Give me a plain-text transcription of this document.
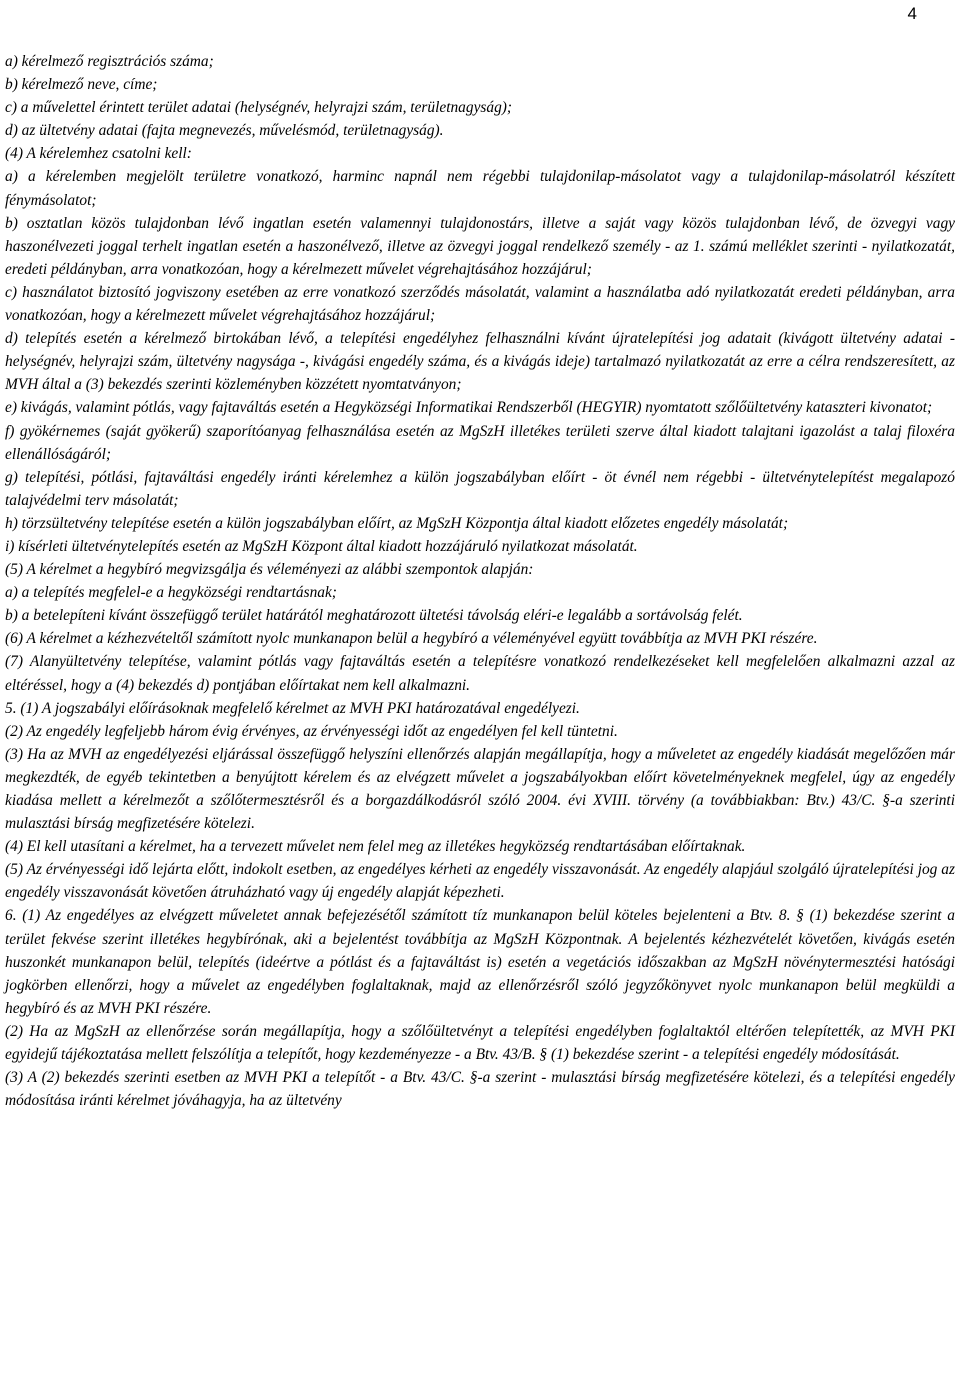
4

a) kérelmező regisztrációs száma;

b) kérelmező neve, címe;

c) a művelettel érintett terület adatai (helységnév, helyrajzi szám, területnagyság);

d) az ültetvény adatai (fajta megnevezés, művelésmód, területnagyság).

(4) A kérelemhez csatolni kell:

a) a kérelemben megjelölt területre vonatkozó, harminc napnál nem régebbi tulajdonilap-másolatot vagy a tulajdonilap-másolatról készített fénymásolatot;

b) osztatlan közös tulajdonban lévő ingatlan esetén valamennyi tulajdonostárs, illetve a saját vagy közös tulajdonban lévő, de özvegyi vagy haszonélvezeti joggal terhelt ingatlan esetén a haszonélvező, illetve az özvegyi joggal rendelkező személy - az 1. számú melléklet szerinti - nyilatkozatát, eredeti példányban, arra vonatkozóan, hogy a kérelmezett művelet végrehajtásához hozzájárul;

c) használatot biztosító jogviszony esetében az erre vonatkozó szerződés másolatát, valamint a használatba adó nyilatkozatát eredeti példányban, arra vonatkozóan, hogy a kérelmezett művelet végrehajtásához hozzájárul;

d) telepítés esetén a kérelmező birtokában lévő, a telepítési engedélyhez felhasználni kívánt újratelepítési jog adatait (kivágott ültetvény adatai - helységnév, helyrajzi szám, ültetvény nagysága -, kivágási engedély száma, és a kivágás ideje) tartalmazó nyilatkozatát az erre a célra rendszeresített, az MVH által a (3) bekezdés szerinti közleményben közzétett nyomtatványon;

e) kivágás, valamint pótlás, vagy fajtaváltás esetén a Hegyközségi Informatikai Rendszerből (HEGYIR) nyomtatott szőlőültetvény kataszteri kivonatot;

f) gyökérnemes (saját gyökerű) szaporítóanyag felhasználása esetén az MgSzH illetékes területi szerve által kiadott talajtani igazolást a talaj filoxéra ellenállóságáról;

g) telepítési, pótlási, fajtaváltási engedély iránti kérelemhez a külön jogszabályban előírt - öt évnél nem régebbi - ültetvénytelepítést megalapozó talajvédelmi terv másolatát;

h) törzsültetvény telepítése esetén a külön jogszabályban előírt, az MgSzH Központja által kiadott előzetes engedély másolatát;

i) kísérleti ültetvénytelepítés esetén az MgSzH Központ által kiadott hozzájáruló nyilatkozat másolatát.

(5) A kérelmet a hegybíró megvizsgálja és véleményezi az alábbi szempontok alapján:

a) a telepítés megfelel-e a hegyközségi rendtartásnak;

b) a betelepíteni kívánt összefüggő terület határától meghatározott ültetési távolság eléri-e legalább a sortávolság felét.

(6) A kérelmet a kézhezvételtől számított nyolc munkanapon belül a hegybíró a véleményével együtt továbbítja az MVH PKI részére.

(7) Alanyültetvény telepítése, valamint pótlás vagy fajtaváltás esetén a telepítésre vonatkozó rendelkezéseket kell megfelelően alkalmazni azzal az eltéréssel, hogy a (4) bekezdés d) pontjában előírtakat nem kell alkalmazni.

5. (1) A jogszabályi előírásoknak megfelelő kérelmet az MVH PKI határozatával engedélyezi.

(2) Az engedély legfeljebb három évig érvényes, az érvényességi időt az engedélyen fel kell tüntetni.

(3) Ha az MVH az engedélyezési eljárással összefüggő helyszíni ellenőrzés alapján megállapítja, hogy a műveletet az engedély kiadását megelőzően már megkezdték, de egyéb tekintetben a benyújtott kérelem és az elvégzett művelet a jogszabályokban előírt követelményeknek megfelel, úgy az engedély kiadása mellett a kérelmezőt a szőlőtermesztésről és a borgazdálkodásról szóló 2004. évi XVIII. törvény (a továbbiakban: Btv.) 43/C. §-a szerinti mulasztási bírság megfizetésére kötelezi.

(4) El kell utasítani a kérelmet, ha a tervezett művelet nem felel meg az illetékes hegyközség rendtartásában előírtaknak.

(5) Az érvényességi idő lejárta előtt, indokolt esetben, az engedélyes kérheti az engedély visszavonását. Az engedély alapjául szolgáló újratelepítési jog az engedély visszavonását követően átruházható vagy új engedély alapját képezheti.

6. (1) Az engedélyes az elvégzett műveletet annak befejezésétől számított tíz munkanapon belül köteles bejelenteni a Btv. 8. § (1) bekezdése szerint a terület fekvése szerint illetékes hegybírónak, aki a bejelentést továbbítja az MgSzH Központnak. A bejelentés kézhezvételét követően, kivágás esetén huszonkét munkanapon belül, telepítés (ideértve a pótlást és a fajtaváltást is) esetén a vegetációs időszakban az MgSzH növénytermesztési hatósági jogkörben ellenőrzi, hogy a művelet az engedélyben foglaltaknak, majd az ellenőrzésről szóló jegyzőkönyvet nyolc munkanapon belül megküldi a hegybíró és az MVH PKI részére.

(2) Ha az MgSzH az ellenőrzése során megállapítja, hogy a szőlőültetvényt a telepítési engedélyben foglaltaktól eltérően telepítették, az MVH PKI egyidejű tájékoztatása mellett felszólítja a telepítőt, hogy kezdeményezze - a Btv. 43/B. § (1) bekezdése szerint - a telepítési engedély módosítását.

(3) A (2) bekezdés szerinti esetben az MVH PKI a telepítőt - a Btv. 43/C. §-a szerint - mulasztási bírság megfizetésére kötelezi, és a telepítési engedély módosítása iránti kérelmet jóváhagyja, ha az ültetvény
